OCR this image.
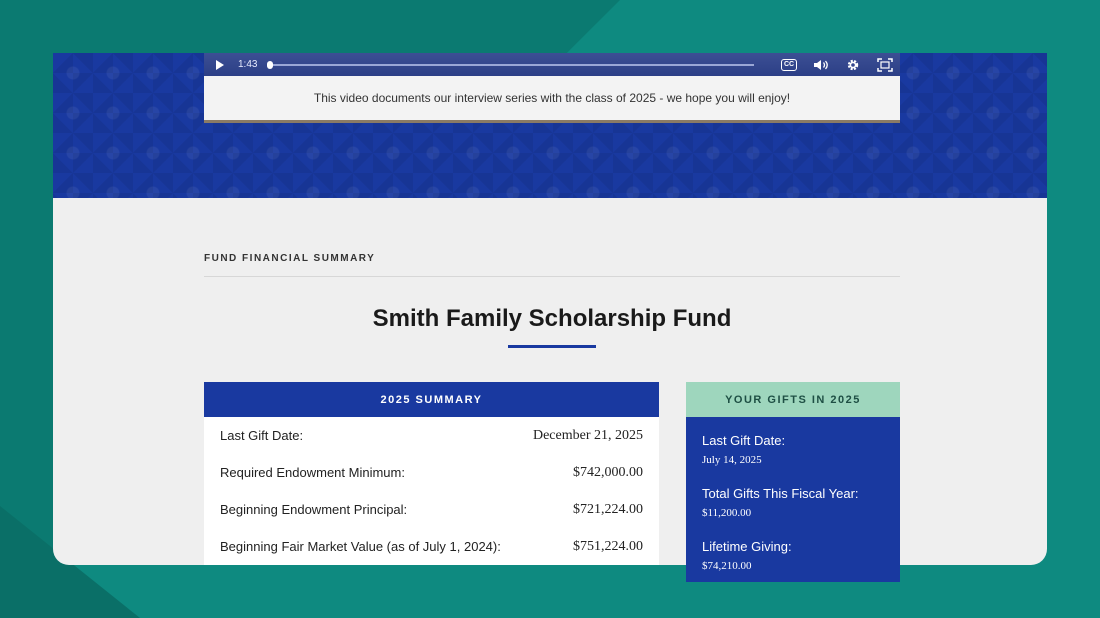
1:43	CC
This video documents our interview series with the class of 2025 - we hope you will enjoy!
FUND FINANCIAL SUMMARY
Smith Family Scholarship Fund
2025 SUMMARY
Last Gift Date:	December 21, 2025
Required Endowment Minimum:	$742,000.00
Beginning Endowment Principal:	$721,224.00
Beginning Fair Market Value (as of July 1, 2024):	$751,224.00
YOUR GIFTS IN 2025
Last Gift Date:
July 14, 2025
Total Gifts This Fiscal Year:
$11,200.00
Lifetime Giving:
$74,210.00
